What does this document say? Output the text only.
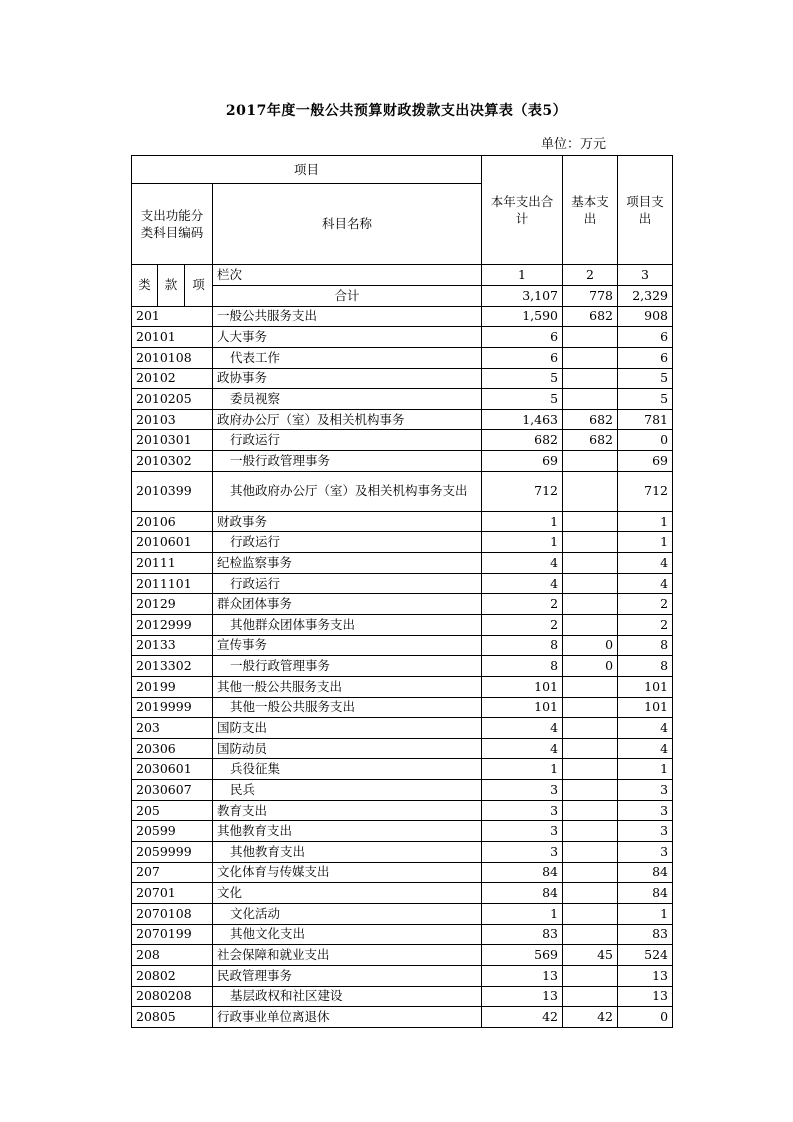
2017年度一般公共预算财政拨款支出决算表（表5）
单位：万元
项目				本年支出合计	基本支出	项目支出
支出功能分类科目编码			科目名称			
类	款	项	栏次	1	2	3
			合计	3,107	778	2,329
201			一般公共服务支出	1,590	682	908
20101			人大事务	6		6
2010108			代表工作	6		6
20102			政协事务	5		5
2010205			委员视察	5		5
20103			政府办公厅（室）及相关机构事务	1,463	682	781
2010301			行政运行	682	682	0
2010302			一般行政管理事务	69		69
2010399			其他政府办公厅（室）及相关机构事务支出	712		712
20106			财政事务	1		1
2010601			行政运行	1		1
20111			纪检监察事务	4		4
2011101			行政运行	4		4
20129			群众团体事务	2		2
2012999			其他群众团体事务支出	2		2
20133			宣传事务	8	0	8
2013302			一般行政管理事务	8	0	8
20199			其他一般公共服务支出	101		101
2019999			其他一般公共服务支出	101		101
203			国防支出	4		4
20306			国防动员	4		4
2030601			兵役征集	1		1
2030607			民兵	3		3
205			教育支出	3		3
20599			其他教育支出	3		3
2059999			其他教育支出	3		3
207			文化体育与传媒支出	84		84
20701			文化	84		84
2070108			文化活动	1		1
2070199			其他文化支出	83		83
208			社会保障和就业支出	569	45	524
20802			民政管理事务	13		13
2080208			基层政权和社区建设	13		13
20805			行政事业单位离退休	42	42	0
